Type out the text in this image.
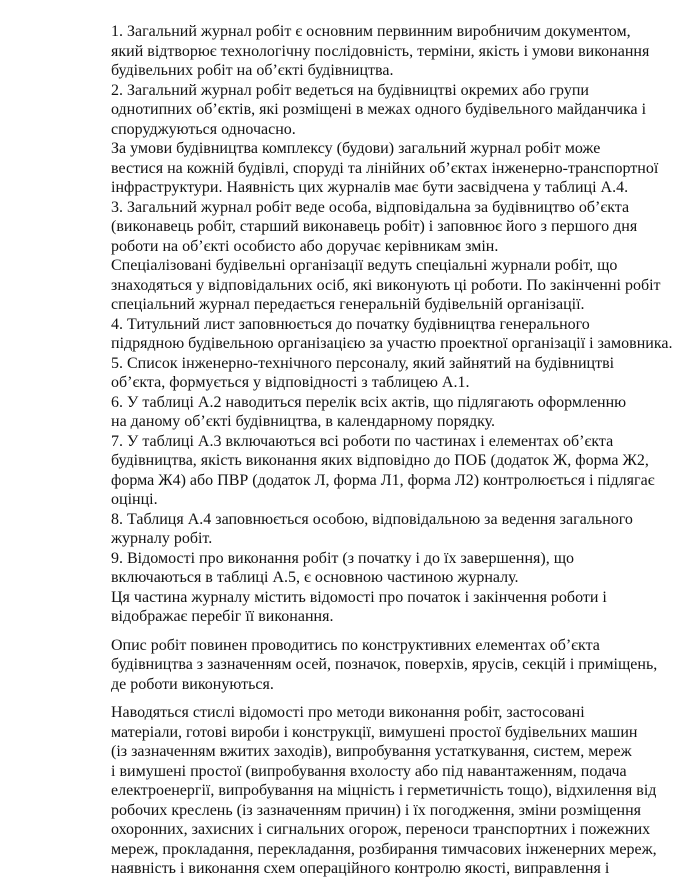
1. Загальний журнал робіт є основним первинним виробничим документом,
який відтворює технологічну послідовність, терміни, якість і умови виконання
будівельних робіт на об’єкті будівництва.

2. Загальний журнал робіт ведеться на будівництві окремих або групи
однотипних об’єктів, які розміщені в межах одного будівельного майданчика і
споруджуються одночасно.

За умови будівництва комплексу (будови) загальний журнал робіт може
вестися на кожній будівлі, споруді та лінійних об’єктах інженерно-транспортної
інфраструктури. Наявність цих журналів має бути засвідчена у таблиці А.4.

3. Загальний журнал робіт веде особа, відповідальна за будівництво об’єкта
(виконавець робіт, старший виконавець робіт) і заповнює його з першого дня
роботи на об’єкті особисто або доручає керівникам змін.

Спеціалізовані будівельні організації ведуть спеціальні журнали робіт, що
знаходяться у відповідальних осіб, які виконують ці роботи. По закінченні робіт
спеціальний журнал передається генеральній будівельній організації.

4. Титульний лист заповнюється до початку будівництва генерального
підрядною будівельною організацією за участю проектної організації і замовника.

5. Список інженерно-технічного персоналу, який зайнятий на будівництві
об’єкта, формується у відповідності з таблицею А.1.

6. У таблиці А.2 наводиться перелік всіх актів, що підлягають оформленню
на даному об’єкті будівництва, в календарному порядку.

7. У таблиці А.3 включаються всі роботи по частинах і елементах об’єкта
будівництва, якість виконання яких відповідно до ПОБ (додаток Ж, форма Ж2,
форма Ж4) або ПВР (додаток Л, форма Л1, форма Л2) контролюється і підлягає
оцінці.

8. Таблиця А.4 заповнюється особою, відповідальною за ведення загального
журналу робіт.

9. Відомості про виконання робіт (з початку і до їх завершення), що
включаються в таблиці А.5, є основною частиною журналу.

Ця частина журналу містить відомості про початок і закінчення роботи і
відображає перебіг її виконання.

Опис робіт повинен проводитись по конструктивних елементах об’єкта
будівництва з зазначенням осей, позначок, поверхів, ярусів, секцій і приміщень,
де роботи виконуються.

Наводяться стислі відомості про методи виконання робіт, застосовані
матеріали, готові вироби і конструкції, вимушені простої будівельних машин
(із зазначенням вжитих заходів), випробування устаткування, систем, мереж
і вимушені простої (випробування вхолосту або під навантаженням, подача
електроенергії, випробування на міцність і герметичність тощо), відхилення від
робочих креслень (із зазначенням причин) і їх погодження, зміни розміщення
охоронних, захисних і сигнальних огорож, переноси транспортних і пожежних
мереж, прокладання, перекладання, розбирання тимчасових інженерних мереж,
наявність і виконання схем операційного контролю якості, виправлення і
